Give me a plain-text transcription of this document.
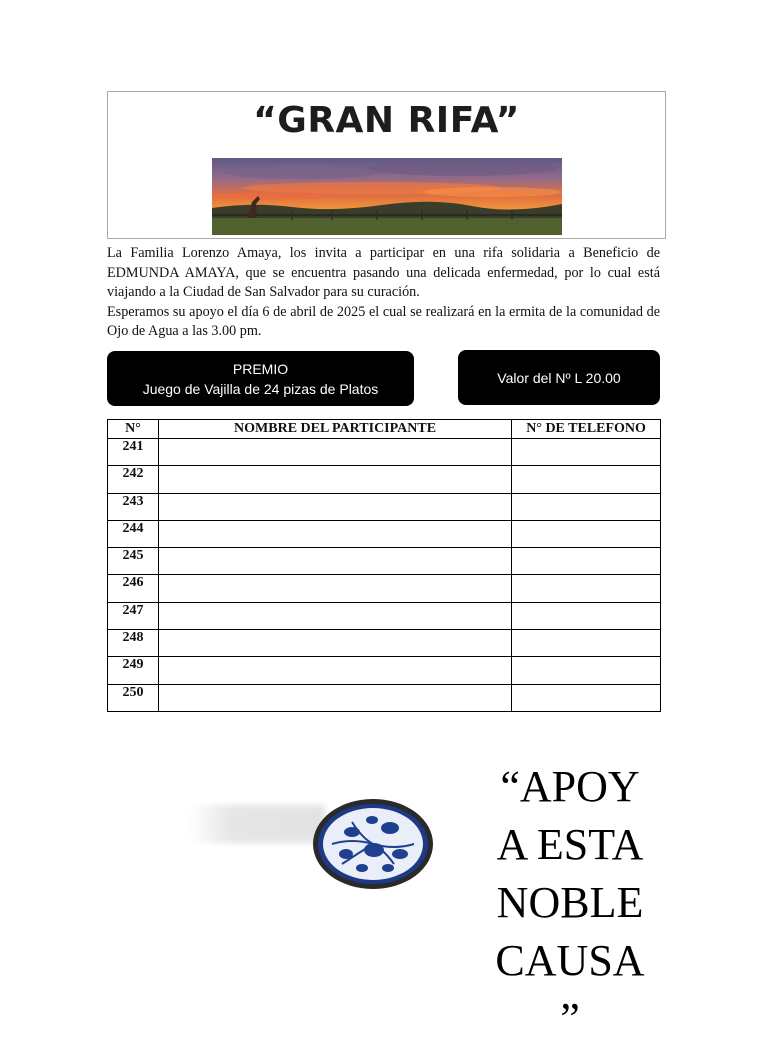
“GRAN RIFA”

La Familia Lorenzo Amaya, los invita a participar en una rifa solidaria a Beneficio de EDMUNDA AMAYA, que se encuentra pasando una delicada enfermedad, por lo cual está viajando a la Ciudad de San Salvador para su curación.

Esperamos su apoyo el día 6 de abril de 2025 el cual se realizará en la ermita de la comunidad de Ojo de Agua a las 3.00 pm.

PREMIO
Juego de Vajilla de 24 pizas de Platos
Valor del Nº L 20.00
N°	NOMBRE DEL PARTICIPANTE	N° DE TELEFONO
241		
242		
243		
244		
245		
246		
247		
248		
249		
250		
“APOY
A ESTA
NOBLE
CAUSA
”
